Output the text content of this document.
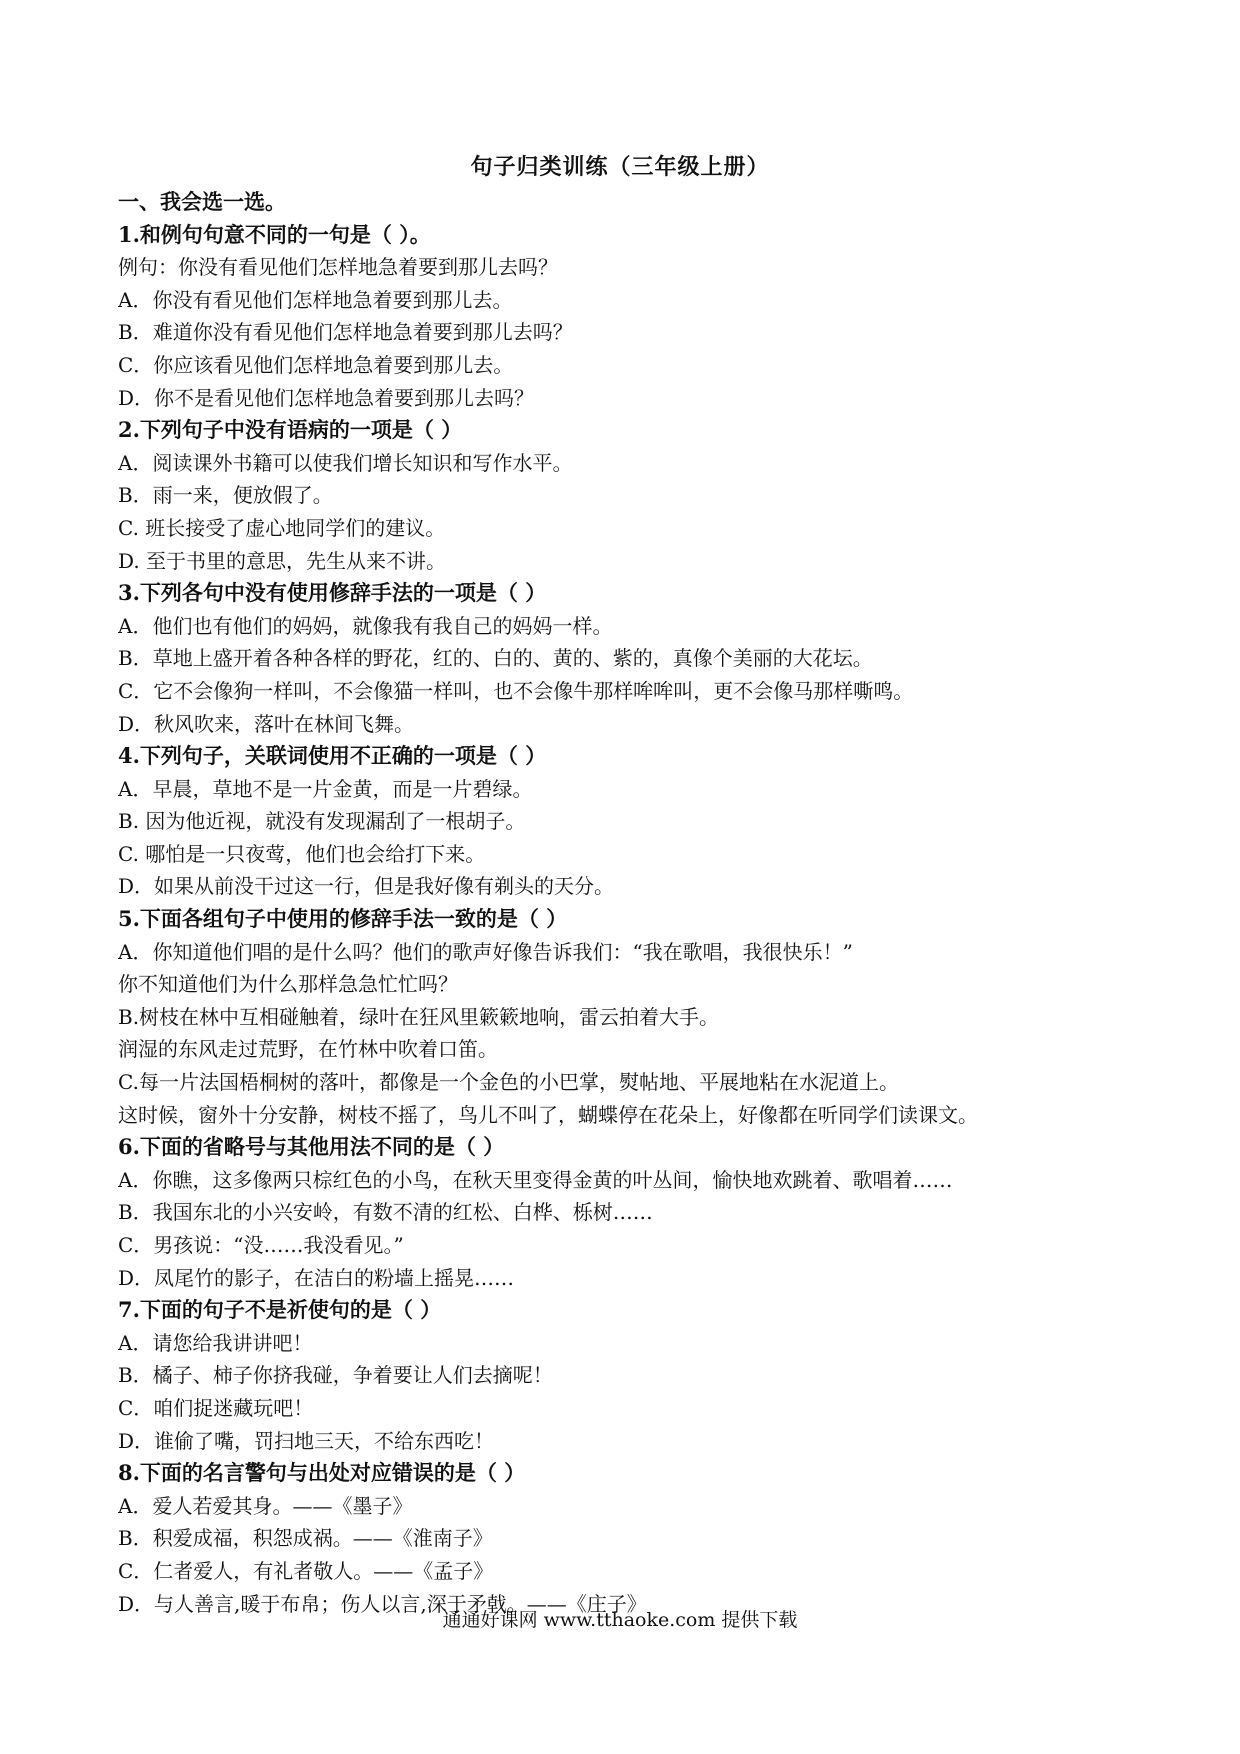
句子归类训练（三年级上册）
一、我会选一选。
1.和例句句意不同的一句是（ ）。
例句：你没有看见他们怎样地急着要到那儿去吗？
A．你没有看见他们怎样地急着要到那儿去。
B．难道你没有看见他们怎样地急着要到那儿去吗？
C．你应该看见他们怎样地急着要到那儿去。
D．你不是看见他们怎样地急着要到那儿去吗？
2.下列句子中没有语病的一项是（ ）
A．阅读课外书籍可以使我们增长知识和写作水平。
B．雨一来，便放假了。
C. 班长接受了虚心地同学们的建议。
D. 至于书里的意思，先生从来不讲。
3.下列各句中没有使用修辞手法的一项是（ ）
A．他们也有他们的妈妈，就像我有我自己的妈妈一样。
B．草地上盛开着各种各样的野花，红的、白的、黄的、紫的，真像个美丽的大花坛。
C．它不会像狗一样叫，不会像猫一样叫，也不会像牛那样哞哞叫，更不会像马那样嘶鸣。
D．秋风吹来，落叶在林间飞舞。
4.下列句子，关联词使用不正确的一项是（ ）
A．早晨，草地不是一片金黄，而是一片碧绿。
B. 因为他近视，就没有发现漏刮了一根胡子。
C. 哪怕是一只夜莺，他们也会给打下来。
D．如果从前没干过这一行，但是我好像有剃头的天分。
5.下面各组句子中使用的修辞手法一致的是（ ）
A．你知道他们唱的是什么吗？他们的歌声好像告诉我们：“我在歌唱，我很快乐！”
你不知道他们为什么那样急急忙忙吗？
B.树枝在林中互相碰触着，绿叶在狂风里簌簌地响，雷云拍着大手。
润湿的东风走过荒野，在竹林中吹着口笛。
C.每一片法国梧桐树的落叶，都像是一个金色的小巴掌，熨帖地、平展地粘在水泥道上。
这时候，窗外十分安静，树枝不摇了，鸟儿不叫了，蝴蝶停在花朵上，好像都在听同学们读课文。
6.下面的省略号与其他用法不同的是（ ）
A．你瞧，这多像两只棕红色的小鸟，在秋天里变得金黄的叶丛间，愉快地欢跳着、歌唱着……
B．我国东北的小兴安岭，有数不清的红松、白桦、栎树……
C．男孩说：“没……我没看见。”
D．凤尾竹的影子，在洁白的粉墙上摇晃……
7.下面的句子不是祈使句的是（ ）
A．请您给我讲讲吧！
B．橘子、柿子你挤我碰，争着要让人们去摘呢！
C．咱们捉迷藏玩吧！
D．谁偷了嘴，罚扫地三天，不给东西吃！
8.下面的名言警句与出处对应错误的是（ ）
A．爱人若爱其身。——《墨子》
B．积爱成福，积怨成祸。——《淮南子》
C．仁者爱人，有礼者敬人。——《孟子》
D．与人善言,暖于布帛；伤人以言,深于矛戟。——《庄子》
通通好课网 www.tthaoke.com 提供下载
